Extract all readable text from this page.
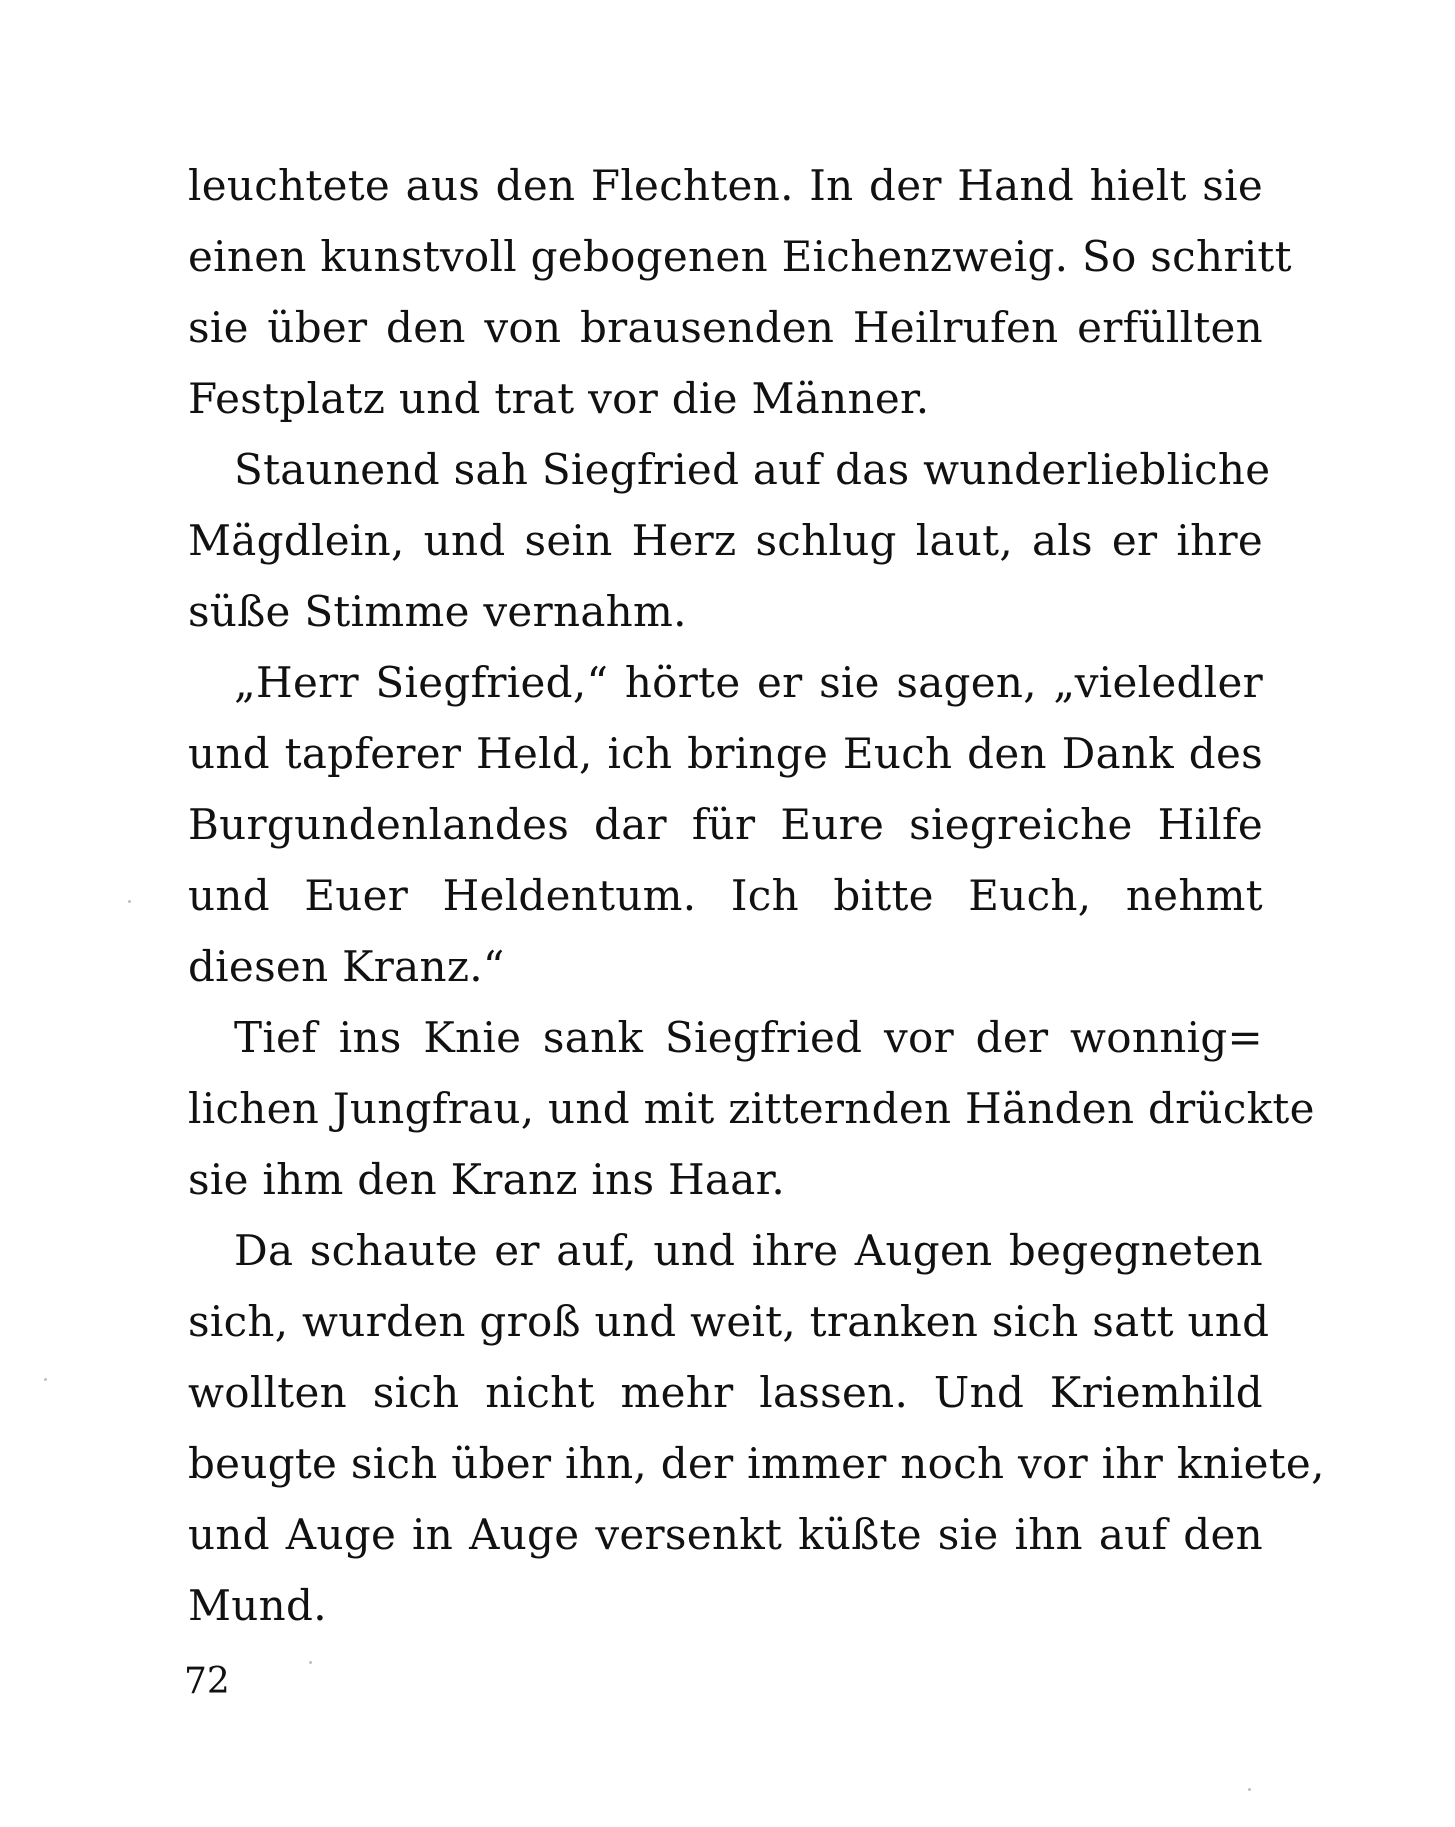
leuchtete aus den Flechten. In der Hand hielt sie
einen kunstvoll gebogenen Eichenzweig. So schritt
sie über den von brausenden Heilrufen erfüllten
Festplatz und trat vor die Männer.
Staunend sah Siegfried auf das wunderliebliche
Mägdlein, und sein Herz schlug laut, als er ihre
süße Stimme vernahm.
„Herr Siegfried,“ hörte er sie sagen, „vieledler
und tapferer Held, ich bringe Euch den Dank des
Burgundenlandes dar für Eure siegreiche Hilfe
und Euer Heldentum. Ich bitte Euch, nehmt
diesen Kranz.“
Tief ins Knie sank Siegfried vor der wonnig=
lichen Jungfrau, und mit zitternden Händen drückte
sie ihm den Kranz ins Haar.
Da schaute er auf, und ihre Augen begegneten
sich, wurden groß und weit, tranken sich satt und
wollten sich nicht mehr lassen. Und Kriemhild
beugte sich über ihn, der immer noch vor ihr kniete,
und Auge in Auge versenkt küßte sie ihn auf den
Mund.
72
